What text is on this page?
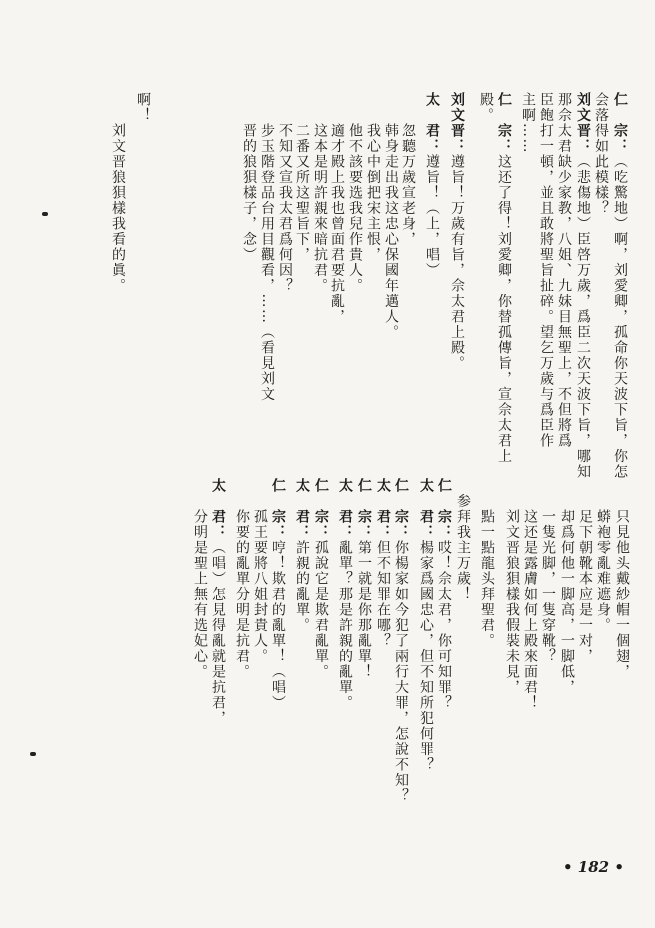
仁　宗：（吃驚地）啊，刘愛卿，孤命你天波下旨，你怎
会落得如此模樣？
刘文晋：（悲傷地）臣啓万歲，爲臣二次天波下旨，哪知
那佘太君缺少家教，八姐、九妹目無聖上，不但將爲
臣飽打一頓，並且敢將聖旨扯碎。望乞万歲与爲臣作
主啊……
仁　宗：这还了得！刘愛卿，你替孤傳旨，宣佘太君上
殿。
刘文晋：遵旨！万歲有旨，佘太君上殿。
太　君：遵旨！（上，唱）
　　忽聽万歲宣老身，
　　韩身走出我这忠心保國年邁人。
　　我心中倒把宋主恨，
　　他不該要选我兒作貴人。
　　適才殿上我也曾面君要抗亂，
　　这本是明許親來暗抗君。
　　二番又所这聖旨下，
　　不知又宣我太君爲何因？
　　步玉階登品台用目觀看，……（看見刘文
　　晋的狼狽樣子，念）
啊！
　　刘文晋狼狽樣我看的眞。
　　只見他头戴紗帽一個翅，
　　蟒袍零亂难遮身。
　　足下朝靴本应是一对，
　　却爲何他一脚高，一脚低，
　　一隻光脚，一隻穿靴？
　　这还是露膚如何上殿來面君！
　　刘文晋狼狽樣我假裝未見，
　　點一點龍头拜聖君。
　参拜我主万歲！
仁　宗：哎！佘太君，你可知罪？
太　君：楊家爲國忠心，但不知所犯何罪？
仁　宗：你楊家如今犯了兩行大罪，怎說不知？
太　君：但不知罪在哪？
仁　宗：第一就是你那亂單！
太　君：亂單？那是許親的亂單。
仁　宗：孤說它是欺君亂單。
太　君：許親的亂單。
仁　宗：哼！欺君的亂單！（唱）
　　孤王要將八姐封貴人。
　　你要的亂單分明是抗君。
太　君：（唱）怎見得亂就是抗君，
　　分明是聖上無有选妃心。
• 182 •
